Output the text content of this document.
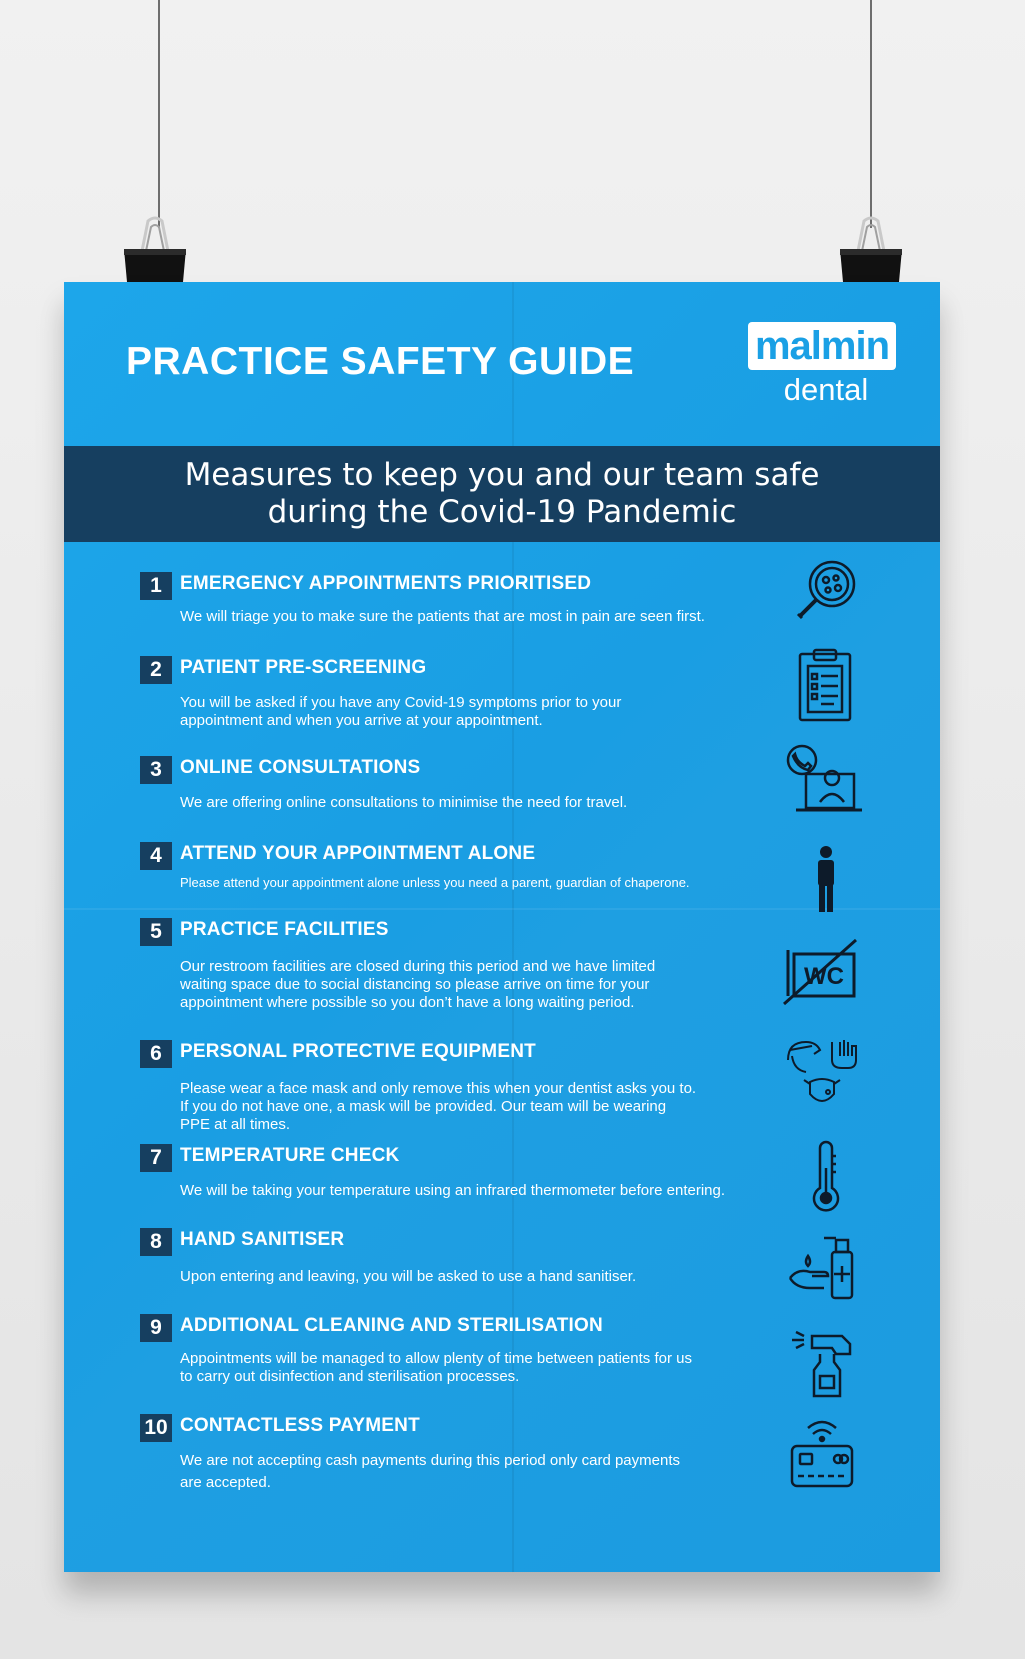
PRACTICE SAFETY GUIDE	malmin
dental
Measures to keep you and our team safe
during the Covid-19 Pandemic
1 EMERGENCY APPOINTMENTS PRIORITISED
We will triage you to make sure the patients that are most in pain are seen first.
2 PATIENT PRE-SCREENING
You will be asked if you have any Covid-19 symptoms prior to your
appointment and when you arrive at your appointment.
3 ONLINE CONSULTATIONS
We are offering online consultations to minimise the need for travel.
4 ATTEND YOUR APPOINTMENT ALONE
Please attend your appointment alone unless you need a parent, guardian of chaperone.
5 PRACTICE FACILITIES
Our restroom facilities are closed during this period and we have limited
waiting space due to social distancing so please arrive on time for your
appointment where possible so you don’t have a long waiting period.
6 PERSONAL PROTECTIVE EQUIPMENT
Please wear a face mask and only remove this when your dentist asks you to.
If you do not have one, a mask will be provided. Our team will be wearing
PPE at all times.
7 TEMPERATURE CHECK
We will be taking your temperature using an infrared thermometer before entering.
8 HAND SANITISER
Upon entering and leaving, you will be asked to use a hand sanitiser.
9 ADDITIONAL CLEANING AND STERILISATION
Appointments will be managed to allow plenty of time between patients for us
to carry out disinfection and sterilisation processes.
10 CONTACTLESS PAYMENT
We are not accepting cash payments during this period only card payments
are accepted.
WC
